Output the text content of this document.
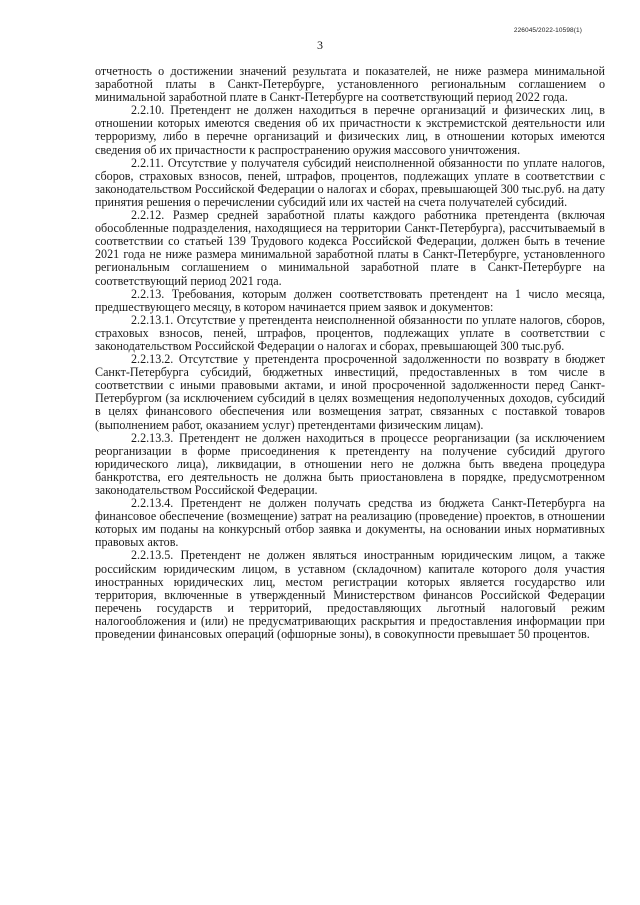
226045/2022-10598(1)
3

отчетность о достижении значений результата и показателей, не ниже размера минимальной заработной платы в Санкт-Петербурге, установленного региональным соглашением о минимальной заработной плате в Санкт-Петербурге на соответствующий период 2022 года.

2.2.10. Претендент не должен находиться в перечне организаций и физических лиц, в отношении которых имеются сведения об их причастности к экстремистской деятельности или терроризму, либо в перечне организаций и физических лиц, в отношении которых имеются сведения об их причастности к распространению оружия массового уничтожения.

2.2.11. Отсутствие у получателя субсидий неисполненной обязанности по уплате налогов, сборов, страховых взносов, пеней, штрафов, процентов, подлежащих уплате в соответствии с законодательством Российской Федерации о налогах и сборах, превышающей 300 тыс.руб. на дату принятия решения о перечислении субсидий или их частей на счета получателей субсидий.

2.2.12. Размер средней заработной платы каждого работника претендента (включая обособленные подразделения, находящиеся на территории Санкт-Петербурга), рассчитываемый в соответствии со статьей 139 Трудового кодекса Российской Федерации, должен быть в течение 2021 года не ниже размера минимальной заработной платы в Санкт-Петербурге, установленного региональным соглашением о минимальной заработной плате в Санкт-Петербурге на соответствующий период 2021 года.

2.2.13. Требования, которым должен соответствовать претендент на 1 число месяца, предшествующего месяцу, в котором начинается прием заявок и документов:

2.2.13.1. Отсутствие у претендента неисполненной обязанности по уплате налогов, сборов, страховых взносов, пеней, штрафов, процентов, подлежащих уплате в соответствии с законодательством Российской Федерации о налогах и сборах, превышающей 300 тыс.руб.

2.2.13.2. Отсутствие у претендента просроченной задолженности по возврату в бюджет Санкт-Петербурга субсидий, бюджетных инвестиций, предоставленных в том числе в соответствии с иными правовыми актами, и иной просроченной задолженности перед Санкт-Петербургом (за исключением субсидий в целях возмещения недополученных доходов, субсидий в целях финансового обеспечения или возмещения затрат, связанных с поставкой товаров (выполнением работ, оказанием услуг) претендентами физическим лицам).

2.2.13.3. Претендент не должен находиться в процессе реорганизации (за исключением реорганизации в форме присоединения к претенденту на получение субсидий другого юридического лица), ликвидации, в отношении него не должна быть введена процедура банкротства, его деятельность не должна быть приостановлена в порядке, предусмотренном законодательством Российской Федерации.

2.2.13.4. Претендент не должен получать средства из бюджета Санкт-Петербурга на финансовое обеспечение (возмещение) затрат на реализацию (проведение) проектов, в отношении которых им поданы на конкурсный отбор заявка и документы, на основании иных нормативных правовых актов.

2.2.13.5. Претендент не должен являться иностранным юридическим лицом, а также российским юридическим лицом, в уставном (складочном) капитале которого доля участия иностранных юридических лиц, местом регистрации которых является государство или территория, включенные в утвержденный Министерством финансов Российской Федерации перечень государств и территорий, предоставляющих льготный налоговый режим налогообложения и (или) не предусматривающих раскрытия и предоставления информации при проведении финансовых операций (офшорные зоны), в совокупности превышает 50 процентов.
